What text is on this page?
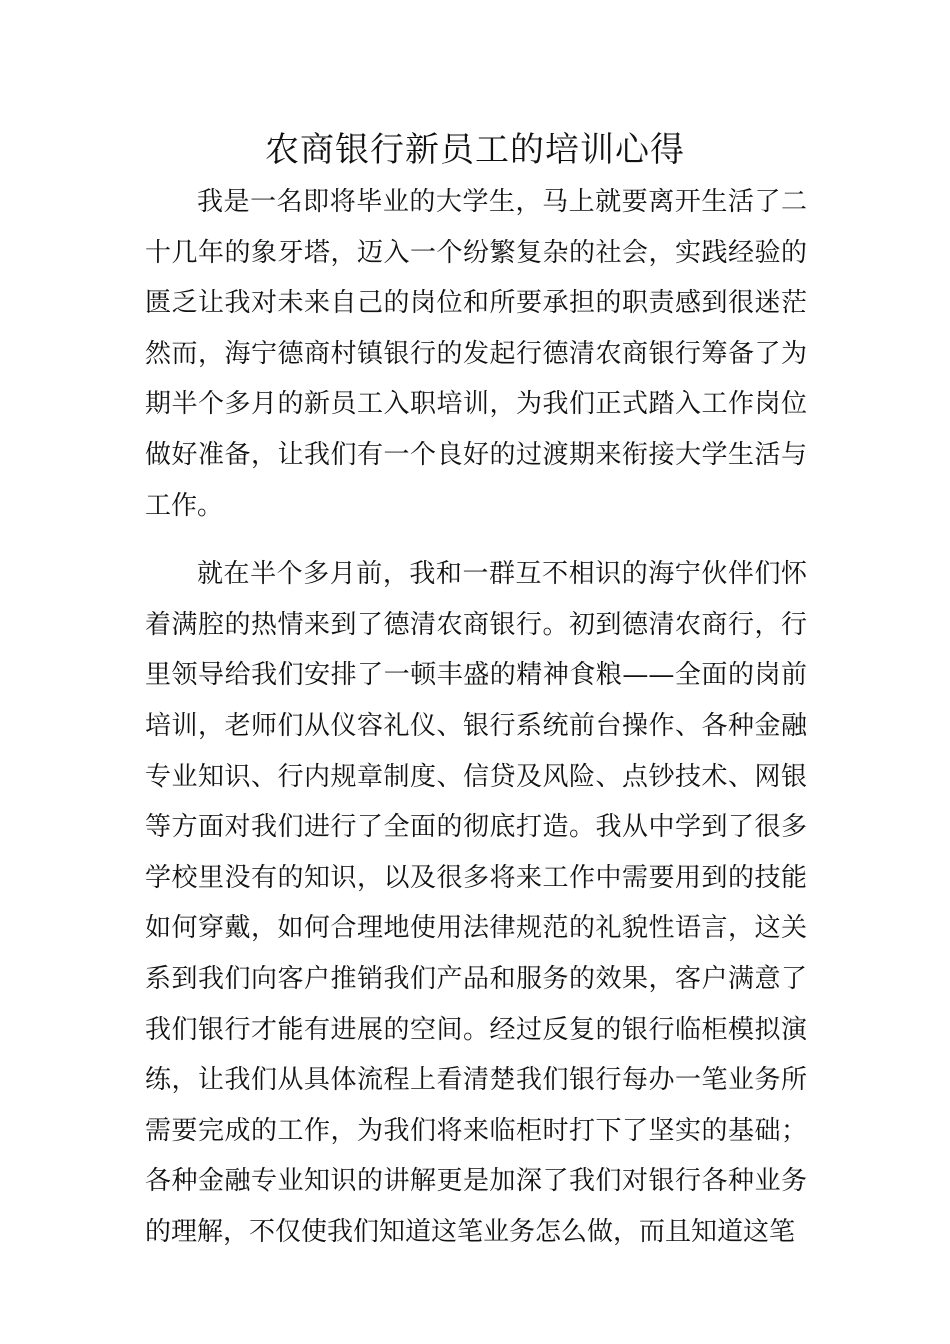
农商银行新员工的培训心得

我是一名即将毕业的大学生，马上就要离开生活了二十几年的象牙塔，迈入一个纷繁复杂的社会，实践经验的匮乏让我对未来自己的岗位和所要承担的职责感到很迷茫然而，海宁德商村镇银行的发起行德清农商银行筹备了为期半个多月的新员工入职培训，为我们正式踏入工作岗位做好准备，让我们有一个良好的过渡期来衔接大学生活与工作。

就在半个多月前，我和一群互不相识的海宁伙伴们怀着满腔的热情来到了德清农商银行。初到德清农商行，行里领导给我们安排了一顿丰盛的精神食粮——全面的岗前培训，老师们从仪容礼仪、银行系统前台操作、各种金融专业知识、行内规章制度、信贷及风险、点钞技术、网银等方面对我们进行了全面的彻底打造。我从中学到了很多学校里没有的知识，以及很多将来工作中需要用到的技能如何穿戴，如何合理地使用法律规范的礼貌性语言，这关系到我们向客户推销我们产品和服务的效果，客户满意了我们银行才能有进展的空间。经过反复的银行临柜模拟演练，让我们从具体流程上看清楚我们银行每办一笔业务所需要完成的工作，为我们将来临柜时打下了坚实的基础；各种金融专业知识的讲解更是加深了我们对银行各种业务的理解，不仅使我们知道这笔业务怎么做，而且知道这笔
